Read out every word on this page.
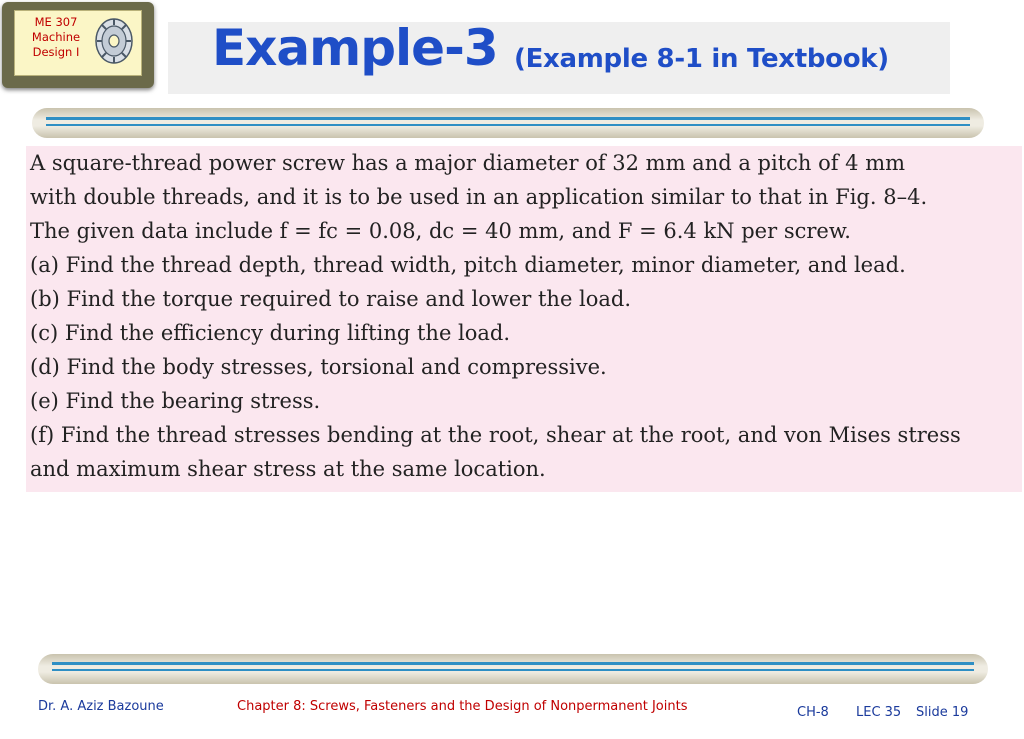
ME 307
Machine
Design I	Example-3 (Example 8-1 in Textbook)
A square-thread power screw has a major diameter of 32 mm and a pitch of 4 mm
with double threads, and it is to be used in an application similar to that in Fig. 8–4.
The given data include f = fc = 0.08, dc = 40 mm, and F = 6.4 kN per screw.
(a) Find the thread depth, thread width, pitch diameter, minor diameter, and lead.
(b) Find the torque required to raise and lower the load.
(c) Find the efficiency during lifting the load.
(d) Find the body stresses, torsional and compressive.
(e) Find the bearing stress.
(f) Find the thread stresses bending at the root, shear at the root, and von Mises stress
and maximum shear stress at the same location.
Dr. A. Aziz Bazoune	Chapter 8: Screws, Fasteners and the Design of Nonpermanent Joints	CH-8 LEC 35 Slide 19
